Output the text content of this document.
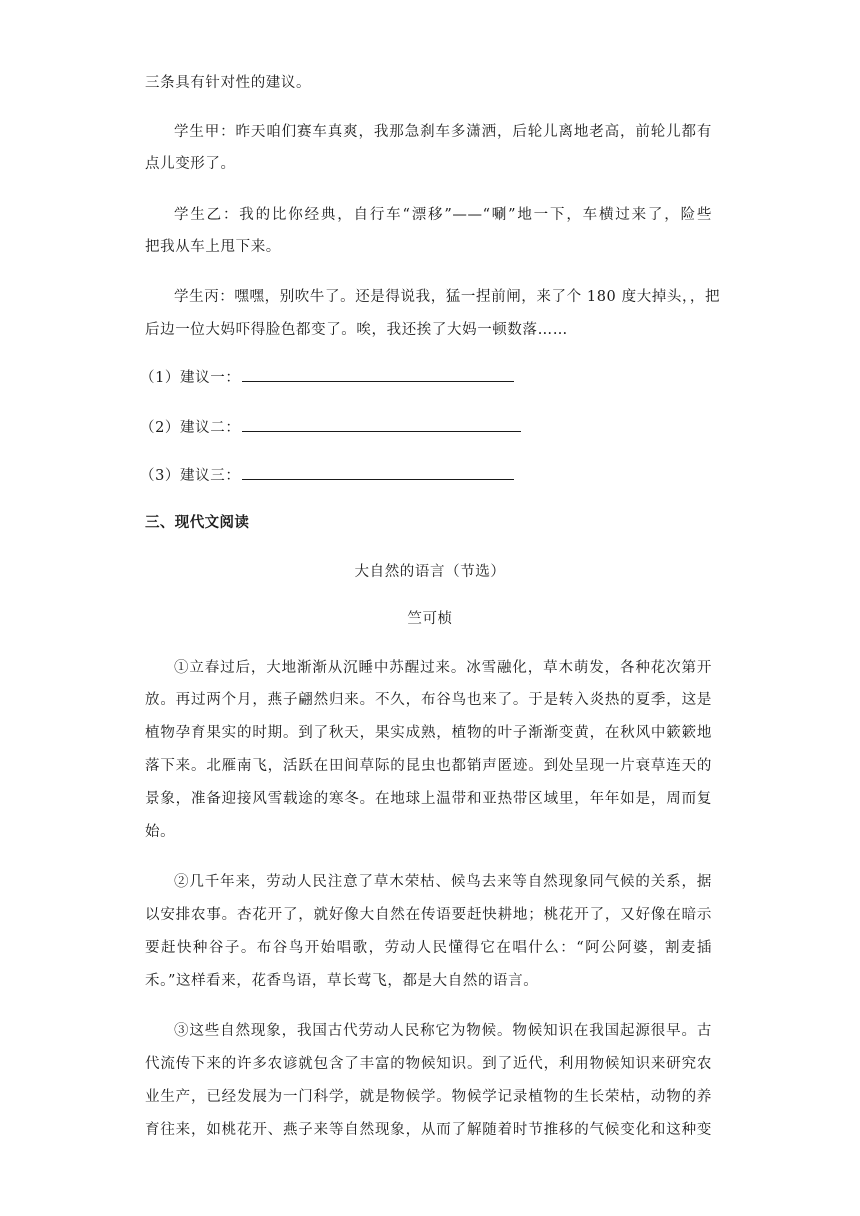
三条具有针对性的建议。
学生甲：昨天咱们赛车真爽，我那急刹车多潇洒，后轮儿离地老高，前轮儿都有
点儿变形了。
学生乙：我的比你经典，自行车“漂移”——“唰”地一下，车横过来了，险些
把我从车上甩下来。
学生丙：嘿嘿，别吹牛了。还是得说我，猛一捏前闸，来了个 180 度大掉头，，把
后边一位大妈吓得脸色都变了。唉，我还挨了大妈一顿数落……
（1）建议一：
（2）建议二：
（3）建议三：
三、现代文阅读
大自然的语言（节选）
竺可桢
①立春过后，大地渐渐从沉睡中苏醒过来。冰雪融化，草木萌发，各种花次第开
放。再过两个月，燕子翩然归来。不久，布谷鸟也来了。于是转入炎热的夏季，这是
植物孕育果实的时期。到了秋天，果实成熟，植物的叶子渐渐变黄，在秋风中簌簌地
落下来。北雁南飞，活跃在田间草际的昆虫也都销声匿迹。到处呈现一片衰草连天的
景象，准备迎接风雪载途的寒冬。在地球上温带和亚热带区域里，年年如是，周而复
始。
②几千年来，劳动人民注意了草木荣枯、候鸟去来等自然现象同气候的关系，据
以安排农事。杏花开了，就好像大自然在传语要赶快耕地；桃花开了，又好像在暗示
要赶快种谷子。布谷鸟开始唱歌，劳动人民懂得它在唱什么：“阿公阿婆，割麦插
禾。”这样看来，花香鸟语，草长莺飞，都是大自然的语言。
③这些自然现象，我国古代劳动人民称它为物候。物候知识在我国起源很早。古
代流传下来的许多农谚就包含了丰富的物候知识。到了近代，利用物候知识来研究农
业生产，已经发展为一门科学，就是物候学。物候学记录植物的生长荣枯，动物的养
育往来，如桃花开、燕子来等自然现象，从而了解随着时节推移的气候变化和这种变
